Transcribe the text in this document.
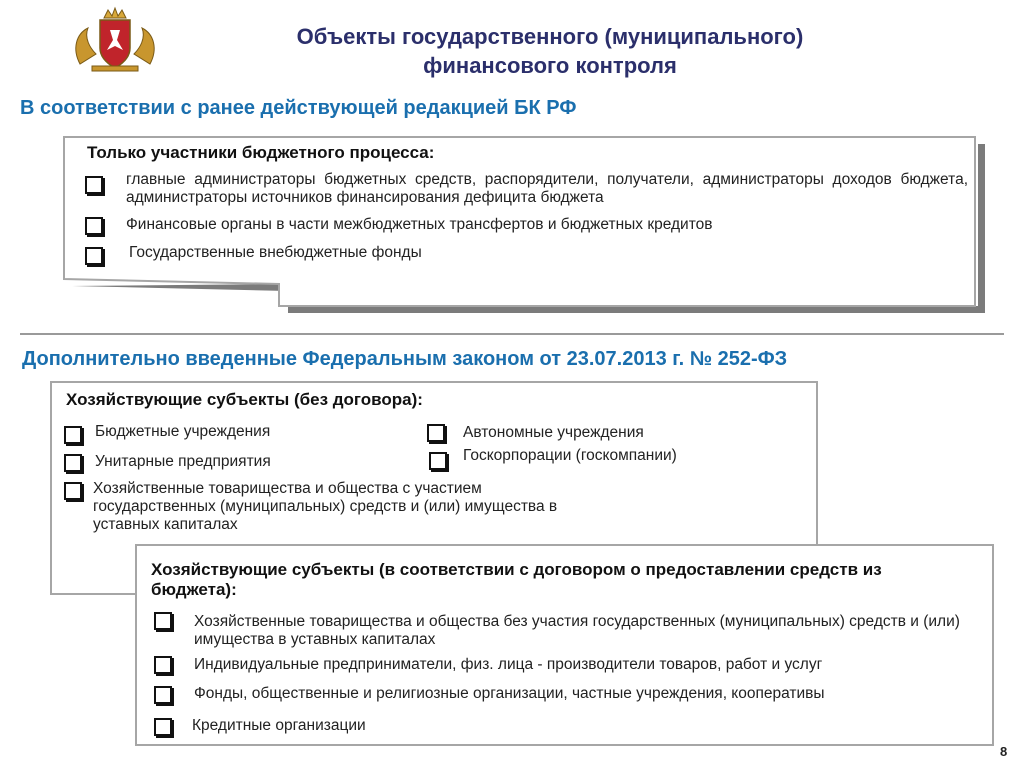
Объекты государственного (муниципального)
финансового контроля
В соответствии с ранее действующей редакцией БК РФ
Только участники бюджетного процесса:
главные администраторы бюджетных средств, распорядители, получатели, администраторы доходов бюджета, администраторы источников финансирования дефицита бюджета
Финансовые органы в части межбюджетных трансфертов и бюджетных кредитов
Государственные внебюджетные фонды
Дополнительно введенные Федеральным законом от 23.07.2013 г. № 252-ФЗ
Хозяйствующие субъекты (без договора):
Бюджетные учреждения	Автономные учреждения
Унитарные предприятия	Госкорпорации (госкомпании)
Хозяйственные товарищества и общества с участием государственных (муниципальных) средств и (или) имущества в уставных капиталах
Хозяйствующие субъекты (в соответствии с договором о предоставлении средств из бюджета):
Хозяйственные товарищества и общества без участия государственных (муниципальных) средств и (или) имущества в уставных капиталах
Индивидуальные предприниматели, физ. лица - производители товаров, работ и услуг
Фонды, общественные и религиозные организации, частные учреждения, кооперативы
Кредитные организации
8
